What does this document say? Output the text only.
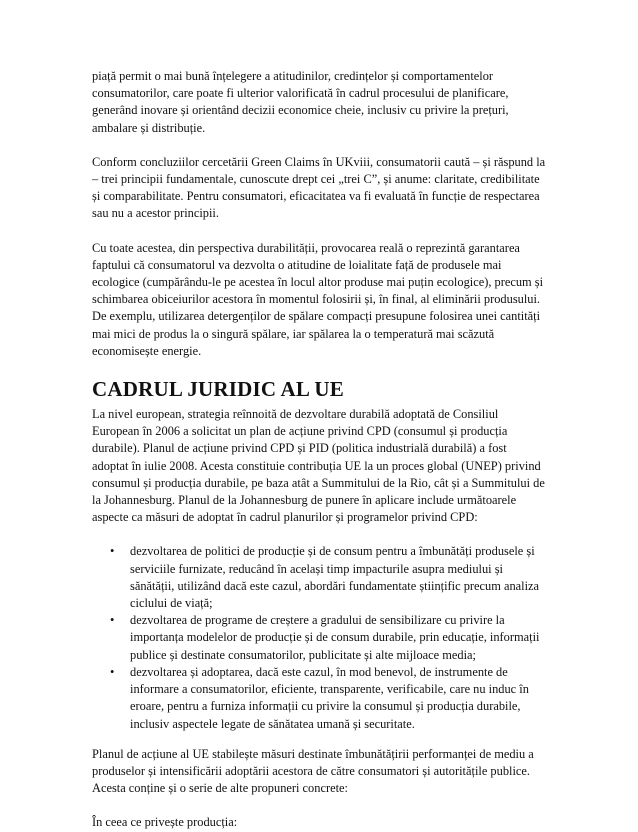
piață permit o mai bună înțelegere a atitudinilor, credințelor și comportamentelor consumatorilor, care poate fi ulterior valorificată în cadrul procesului de planificare, generând inovare și orientând decizii economice cheie, inclusiv cu privire la prețuri, ambalare și distribuție.

Conform concluziilor cercetării Green Claims în UKviii, consumatorii caută – și răspund la – trei principii fundamentale, cunoscute drept cei „trei C”, și anume: claritate, credibilitate și comparabilitate. Pentru consumatori, eficacitatea va fi evaluată în funcție de respectarea sau nu a acestor principii.

Cu toate acestea, din perspectiva durabilității, provocarea reală o reprezintă garantarea faptului că consumatorul va dezvolta o atitudine de loialitate față de produsele mai ecologice (cumpărându-le pe acestea în locul altor produse mai puțin ecologice), precum și schimbarea obiceiurilor acestora în momentul folosirii și, în final, al eliminării produsului. De exemplu, utilizarea detergenților de spălare compacți presupune folosirea unei cantități mai mici de produs la o singură spălare, iar spălarea la o temperatură mai scăzută economisește energie.

CADRUL JURIDIC AL UE

La nivel european, strategia reînnoită de dezvoltare durabilă adoptată de Consiliul European în 2006 a solicitat un plan de acțiune privind CPD (consumul și producția durabile). Planul de acțiune privind CPD și PID (politica industrială durabilă) a fost adoptat în iulie 2008. Acesta constituie contribuția UE la un proces global (UNEP) privind consumul și producția durabile, pe baza atât a Summitului de la Rio, cât și a Summitului de la Johannesburg. Planul de la Johannesburg de punere în aplicare include următoarele aspecte ca măsuri de adoptat în cadrul planurilor și programelor privind CPD:

• dezvoltarea de politici de producție și de consum pentru a îmbunătăți produsele și serviciile furnizate, reducând în același timp impacturile asupra mediului și sănătății, utilizând dacă este cazul, abordări fundamentate științific precum analiza ciclului de viață;
• dezvoltarea de programe de creștere a gradului de sensibilizare cu privire la importanța modelelor de producție și de consum durabile, prin educație, informații publice și destinate consumatorilor, publicitate și alte mijloace media;
• dezvoltarea și adoptarea, dacă este cazul, în mod benevol, de instrumente de informare a consumatorilor, eficiente, transparente, verificabile, care nu induc în eroare, pentru a furniza informații cu privire la consumul și producția durabile, inclusiv aspectele legate de sănătatea umană și securitate.

Planul de acțiune al UE stabilește măsuri destinate îmbunătățirii performanței de mediu a produselor și intensificării adoptării acestora de către consumatori și autoritățile publice. Acesta conține și o serie de alte propuneri concrete:

În ceea ce privește producția:
